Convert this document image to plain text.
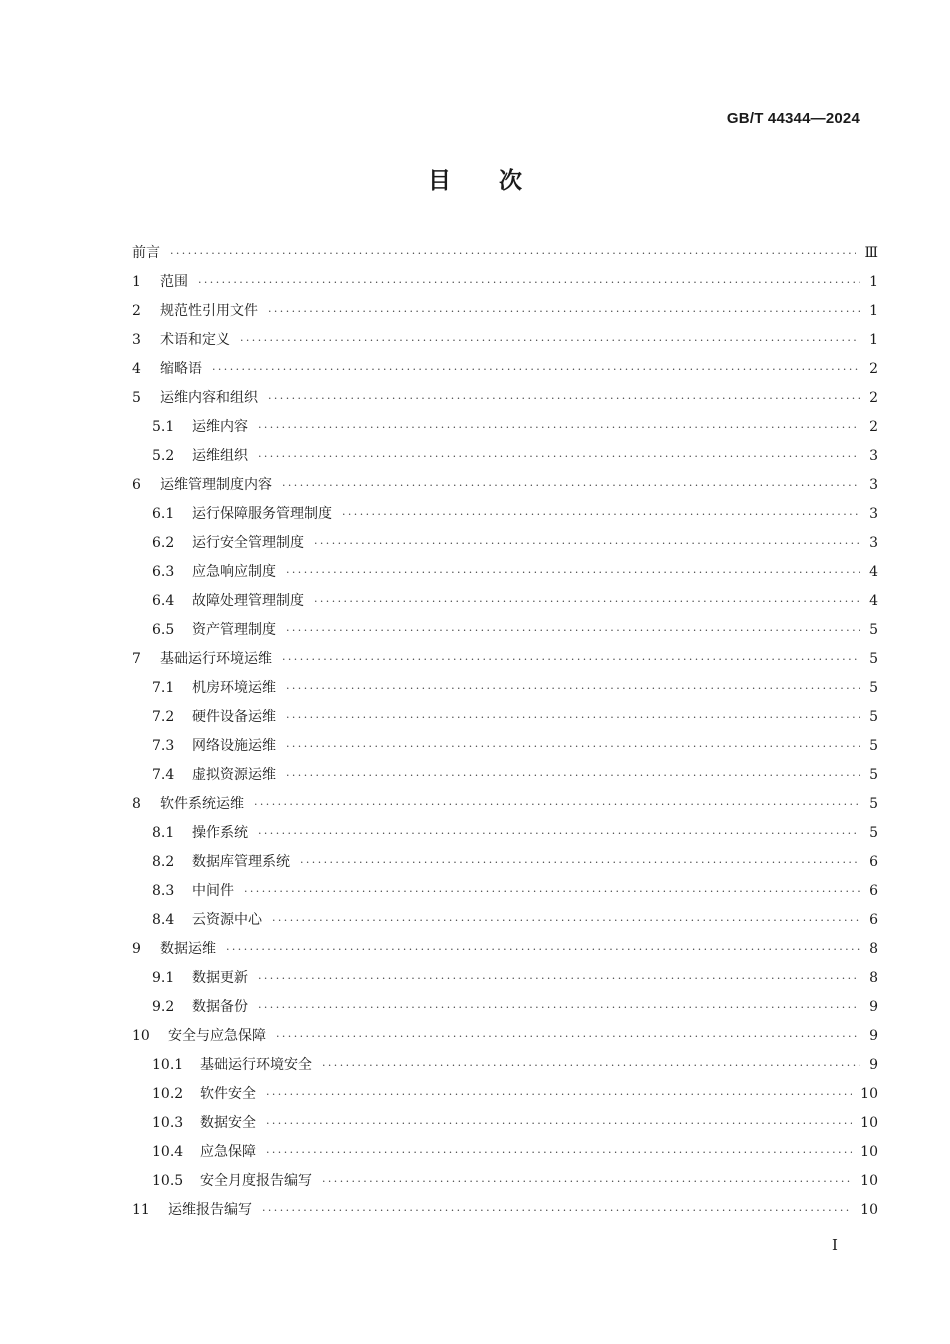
GB/T 44344—2024
目次
前言 ·····	Ⅲ
1	范围 ·····	1
2	规范性引用文件 ·····	1
3	术语和定义 ·····	1
4	缩略语 ·····	2
5	运维内容和组织 ·····	2
5.1	运维内容 ·····	2
5.2	运维组织 ·····	3
6	运维管理制度内容 ·····	3
6.1	运行保障服务管理制度 ·····	3
6.2	运行安全管理制度 ·····	3
6.3	应急响应制度 ·····	4
6.4	故障处理管理制度 ·····	4
6.5	资产管理制度 ·····	5
7	基础运行环境运维 ·····	5
7.1	机房环境运维 ·····	5
7.2	硬件设备运维 ·····	5
7.3	网络设施运维 ·····	5
7.4	虚拟资源运维 ·····	5
8	软件系统运维 ·····	5
8.1	操作系统 ·····	5
8.2	数据库管理系统 ·····	6
8.3	中间件 ·····	6
8.4	云资源中心 ·····	6
9	数据运维 ·····	8
9.1	数据更新 ·····	8
9.2	数据备份 ·····	9
10	安全与应急保障 ·····	9
10.1	基础运行环境安全 ·····	9
10.2	软件安全 ·····	10
10.3	数据安全 ·····	10
10.4	应急保障 ·····	10
10.5	安全月度报告编写 ·····	10
11	运维报告编写 ·····	10
I
